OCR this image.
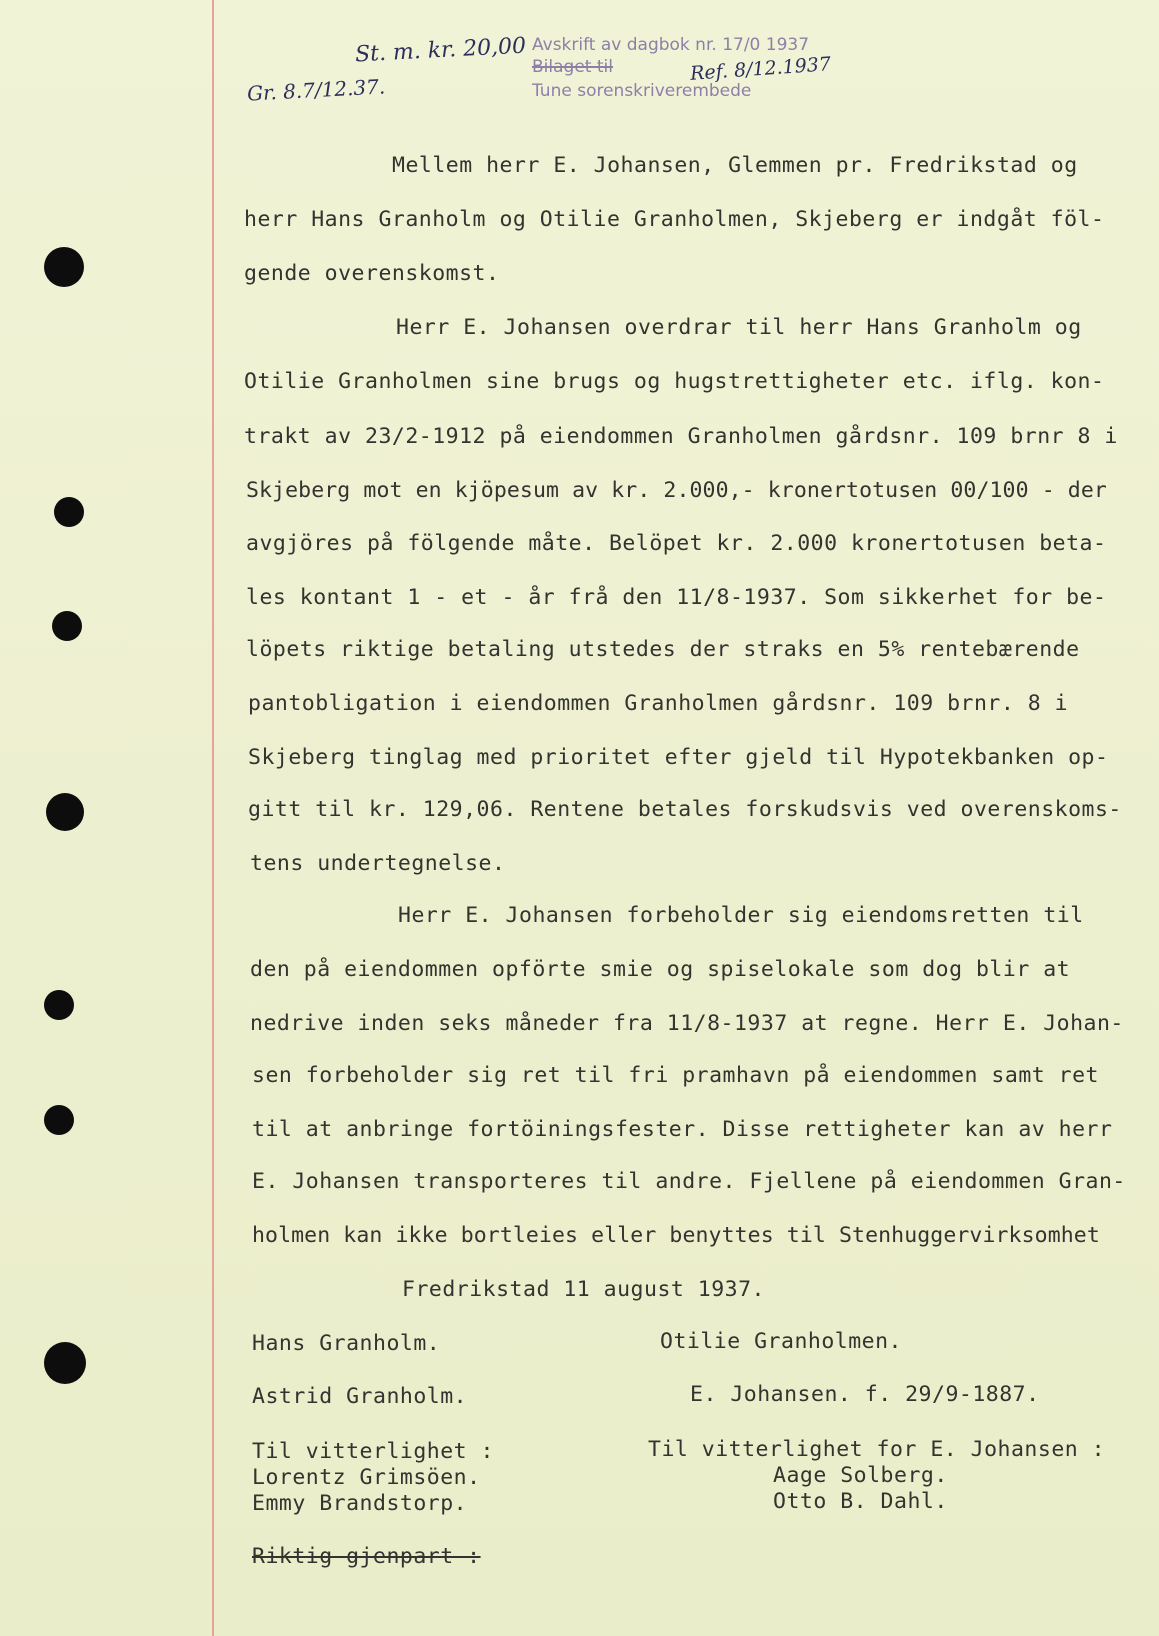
St. m. kr. 20,00
Gr. 8.7/12.37.
Avskrift av dagbok nr. 17/0 1937
Bilaget til
Tune sorenskriverembede
Ref. 8/12.1937
Mellem herr E. Johansen, Glemmen pr. Fredrikstad og
herr Hans Granholm og Otilie Granholmen, Skjeberg er indgåt föl-
gende overenskomst.
Herr E. Johansen overdrar til herr Hans Granholm og
Otilie Granholmen sine brugs og hugstrettigheter etc. iflg. kon-
trakt av 23/2-1912 på eiendommen Granholmen gårdsnr. 109 brnr 8 i
Skjeberg mot en kjöpesum av kr. 2.000,- kronertotusen 00/100 - der
avgjöres på fölgende måte. Belöpet kr. 2.000 kronertotusen beta-
les kontant 1 - et - år frå den 11/8-1937. Som sikkerhet for be-
löpets riktige betaling utstedes der straks en 5% rentebærende
pantobligation i eiendommen Granholmen gårdsnr. 109 brnr. 8 i
Skjeberg tinglag med prioritet efter gjeld til Hypotekbanken op-
gitt til kr. 129,06. Rentene betales forskudsvis ved overenskoms-
tens undertegnelse.
Herr E. Johansen forbeholder sig eiendomsretten til
den på eiendommen opförte smie og spiselokale som dog blir at
nedrive inden seks måneder fra 11/8-1937 at regne. Herr E. Johan-
sen forbeholder sig ret til fri pramhavn på eiendommen samt ret
til at anbringe fortöiningsfester. Disse rettigheter kan av herr
E. Johansen transporteres til andre. Fjellene på eiendommen Gran-
holmen kan ikke bortleies eller benyttes til Stenhuggervirksomhet
Fredrikstad 11 august 1937.
Hans Granholm.	Otilie Granholmen.
Astrid Granholm.	E. Johansen. f. 29/9-1887.
Til vitterlighet :
Lorentz Grimsöen.
Emmy Brandstorp.
Til vitterlighet for E. Johansen :
Aage Solberg.
Otto B. Dahl.
Riktig gjenpart :
